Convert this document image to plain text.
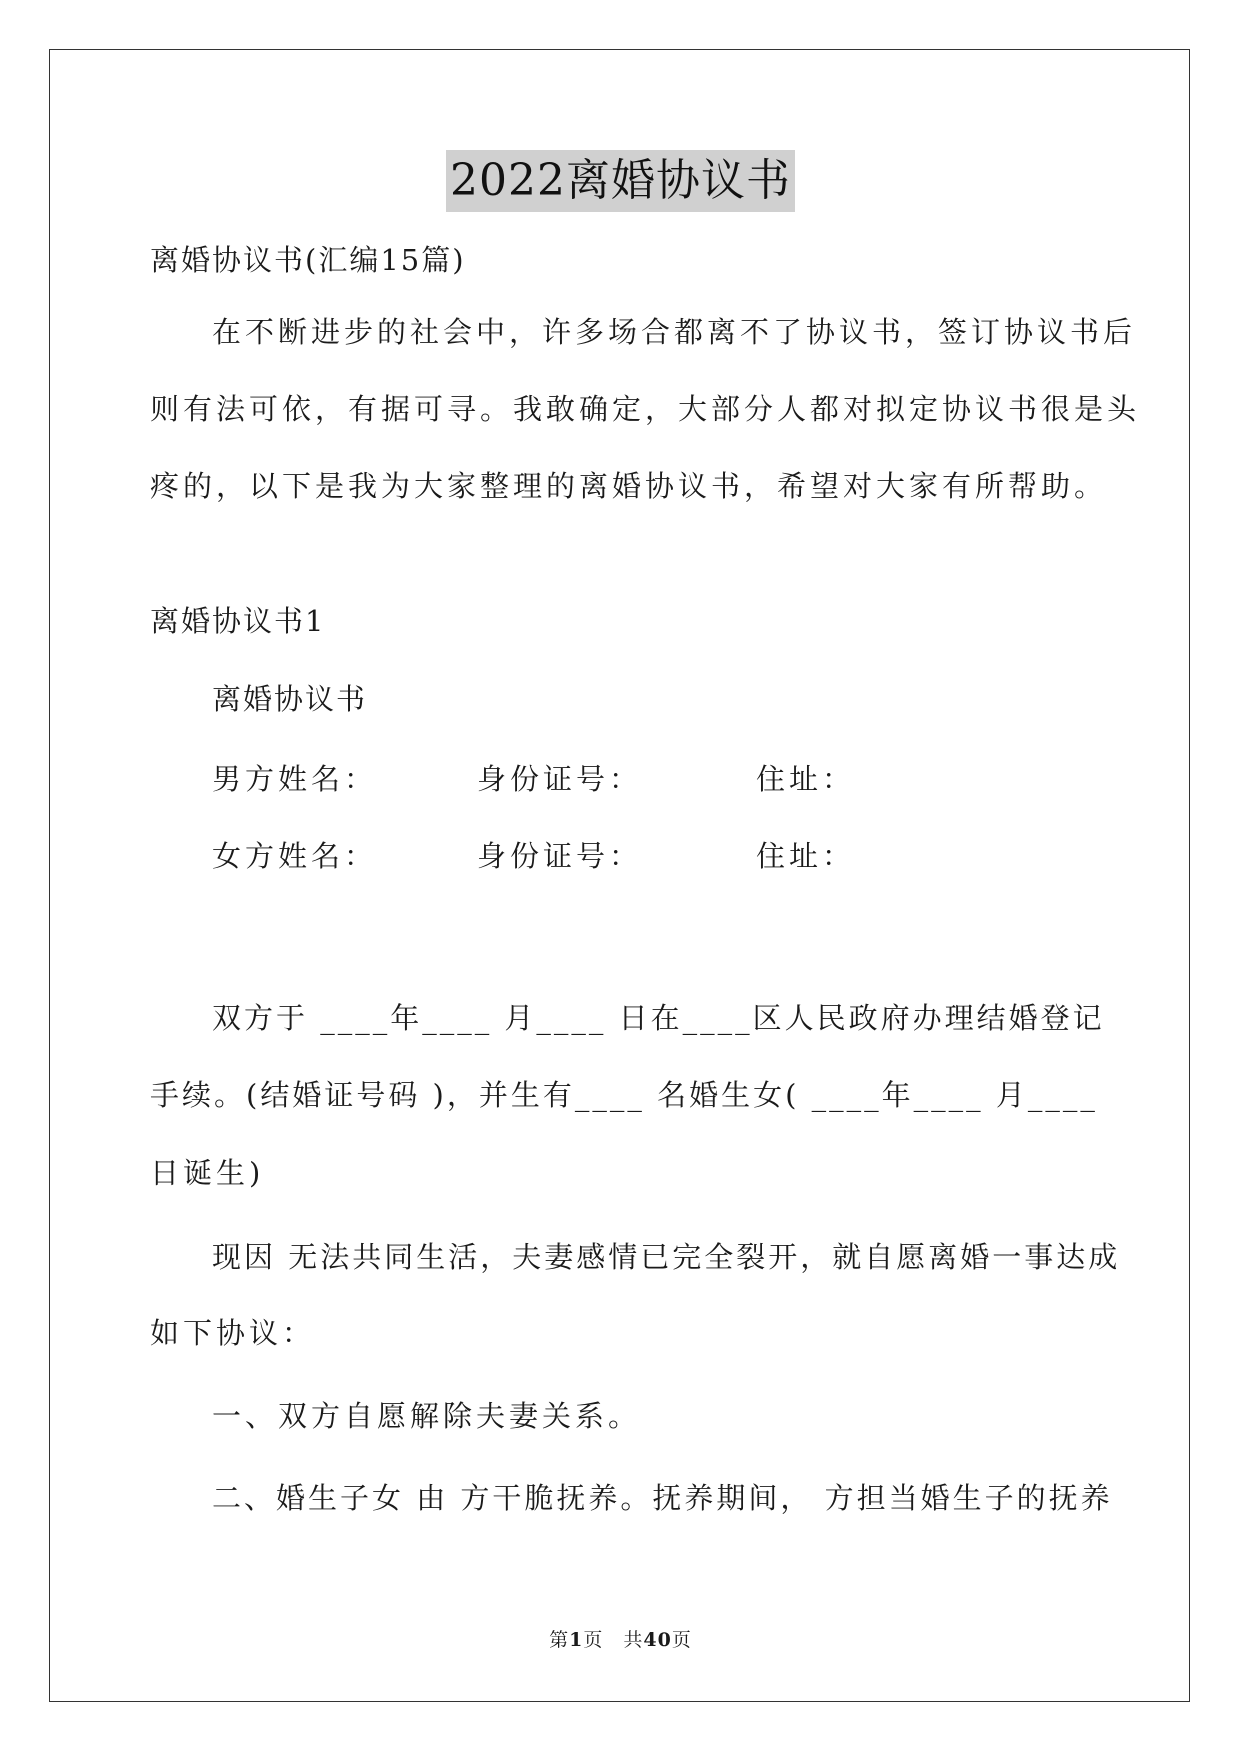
2022离婚协议书
离婚协议书(汇编15篇)
在不断进步的社会中，许多场合都离不了协议书，签订协议书后
则有法可依，有据可寻。我敢确定，大部分人都对拟定协议书很是头
疼的，以下是我为大家整理的离婚协议书，希望对大家有所帮助。
离婚协议书1
离婚协议书
男方姓名：	身份证号：	住址：
女方姓名：	身份证号：	住址：
双方于 ____年____ 月____ 日在____区人民政府办理结婚登记
手续。(结婚证号码 )，并生有____ 名婚生女( ____年____ 月____
日诞生)
现因 无法共同生活，夫妻感情已完全裂开，就自愿离婚一事达成
如下协议：
一、双方自愿解除夫妻关系。
二、婚生子女 由 方干脆抚养。抚养期间， 方担当婚生子的抚养
第1页 共40页
